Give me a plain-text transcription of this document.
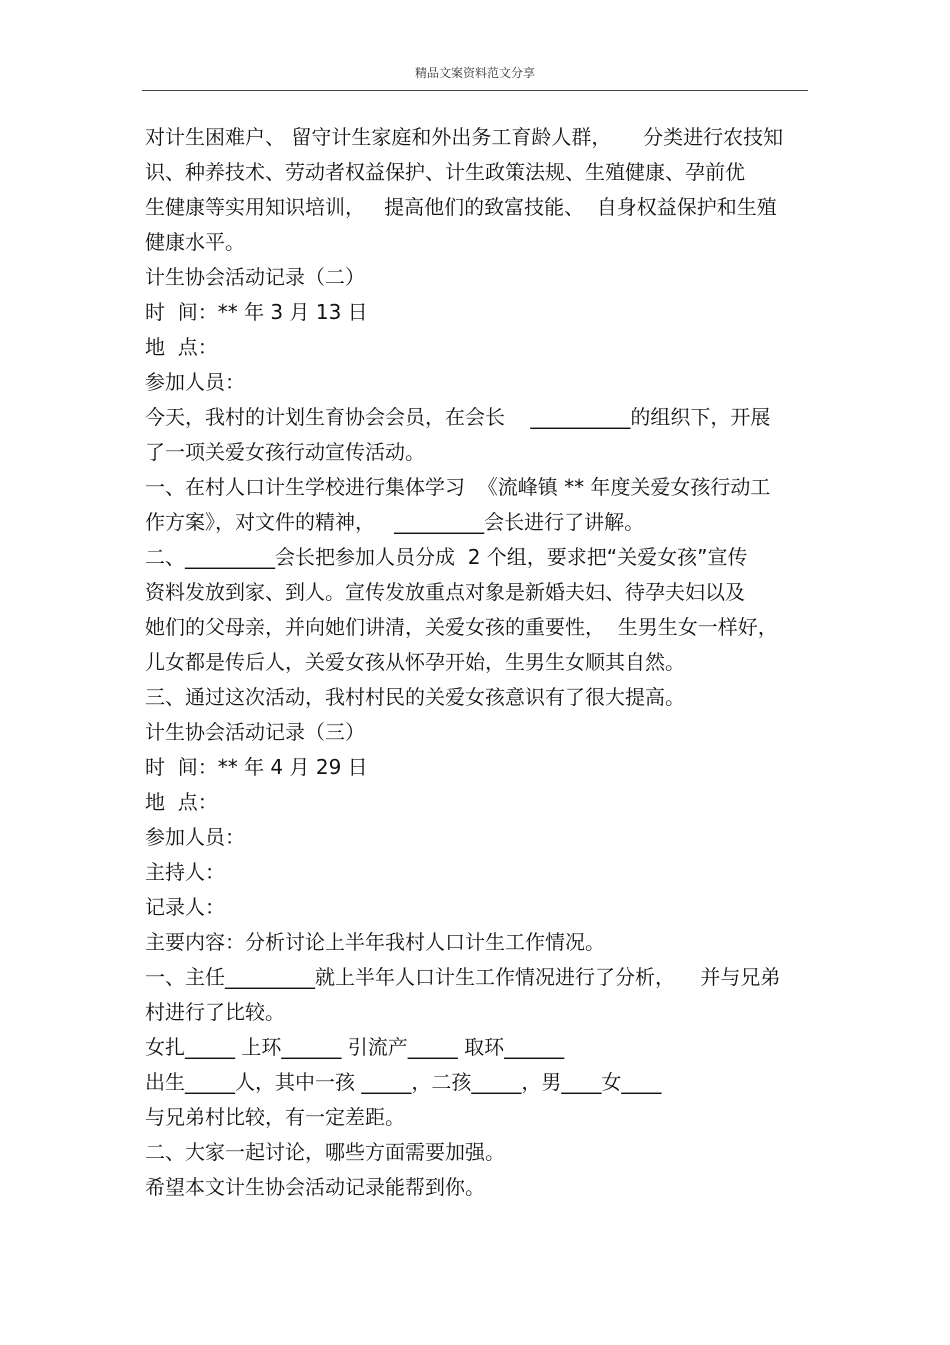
精品文案资料范文分享
对计生困难户、 留守计生家庭和外出务工育龄人群，     分类进行农技知
识、种养技术、劳动者权益保护、计生政策法规、生殖健康、孕前优
生健康等实用知识培训，   提高他们的致富技能、  自身权益保护和生殖
健康水平。
计生协会活动记录（二）
时  间：** 年 3 月 13 日
地  点：
参加人员：
今天，我村的计划生育协会会员，在会长    __________的组织下，开展
了一项关爱女孩行动宣传活动。
一、在村人口计生学校进行集体学习  《流峰镇 ** 年度关爱女孩行动工
作方案》，对文件的精神，   _________会长进行了讲解。
二、_________会长把参加人员分成  2 个组，要求把“关爱女孩”宣传
资料发放到家、到人。宣传发放重点对象是新婚夫妇、待孕夫妇以及
她们的父母亲，并向她们讲清，关爱女孩的重要性，  生男生女一样好，
儿女都是传后人，关爱女孩从怀孕开始，生男生女顺其自然。
三、通过这次活动，我村村民的关爱女孩意识有了很大提高。
计生协会活动记录（三）
时  间：** 年 4 月 29 日
地  点：
参加人员：
主持人：
记录人：
主要内容：分析讨论上半年我村人口计生工作情况。
一、主任_________就上半年人口计生工作情况进行了分析，    并与兄弟
村进行了比较。
女扎_____ 上环______ 引流产_____ 取环______
出生_____人，其中一孩 _____，二孩_____，男____女____
与兄弟村比较，有一定差距。
二、大家一起讨论，哪些方面需要加强。
希望本文计生协会活动记录能帮到你。
